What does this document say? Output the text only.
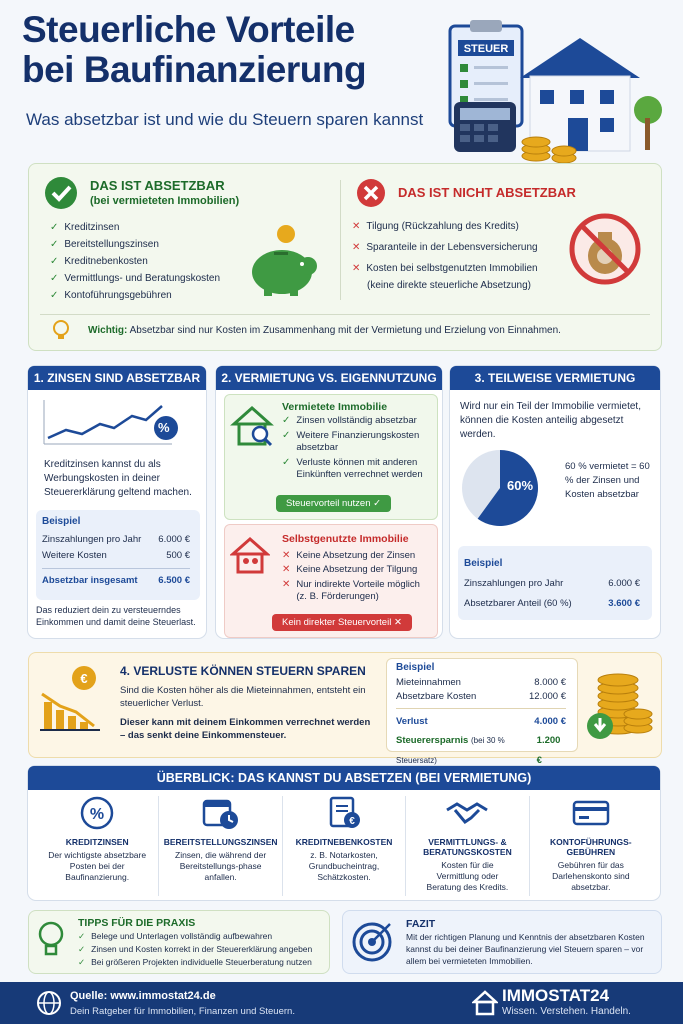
Steuerliche Vorteile
bei Baufinanzierung
Was absetzbar ist und wie du Steuern sparen kannst
STEUER
DAS IST ABSETZBAR
(bei vermieteten Immobilien)
✓ Kreditzinsen
✓ Bereitstellungszinsen
✓ Kreditnebenkosten
✓ Vermittlungs- und Beratungskosten
✓ Kontoführungsgebühren
DAS IST NICHT ABSETZBAR
✕ Tilgung (Rückzahlung des Kredits)
✕ Sparanteile in der Lebensversicherung
✕ Kosten bei selbstgenutzten Immobilien
(keine direkte steuerliche Absetzung)
Wichtig: Absetzbar sind nur Kosten im Zusammenhang mit der Vermietung und Erzielung von Einnahmen.
1. ZINSEN SIND ABSETZBAR
%
Kreditzinsen kannst du als Werbungskosten in deiner Steuererklärung geltend machen.
Beispiel
Zinszahlungen pro Jahr 6.000 €
Weitere Kosten	500 €
Absetzbar insgesamt 6.500 €
Das reduziert dein zu versteuerndes Einkommen und damit deine Steuerlast.
2. VERMIETUNG VS. EIGENNUTZUNG
Vermietete Immobilie
✓ Zinsen vollständig absetzbar
✓ Weitere Finanzierungskosten absetzbar
✓ Verluste können mit anderen Einkünften verrechnet werden
Steuervorteil nutzen ✓
Selbstgenutzte Immobilie
✕ Keine Absetzung der Zinsen
✕ Keine Absetzung der Tilgung
✕ Nur indirekte Vorteile möglich (z. B. Förderungen)
Kein direkter Steuervorteil ✕
3. TEILWEISE VERMIETUNG
Wird nur ein Teil der Immobilie vermietet, können die Kosten anteilig abgesetzt werden.
60%
60 % vermietet = 60 % der Zinsen und Kosten absetzbar
Beispiel
Zinszahlungen pro Jahr	6.000 €
Absetzbarer Anteil (60 %)	3.600 €
€	4. VERLUSTE KÖNNEN STEUERN SPAREN
Sind die Kosten höher als die Mieteinnahmen, entsteht ein steuerlicher Verlust.
Dieser kann mit deinem Einkommen verrechnet werden – das senkt deine Einkommensteuer.
Beispiel
Mieteinnahmen	8.000 €
Absetzbare Kosten	12.000 €
Verlust	4.000 €
Steuerersparnis (bei 30 % Steuersatz)
1.200 €
ÜBERBLICK: DAS KANNST DU ABSETZEN (BEI VERMIETUNG)
%
KREDITZINSEN
Der wichtigste absetzbare Posten bei der Baufinanzierung.
BEREITSTELLUNGSZINSEN
Zinsen, die während der Bereitstellungs-phase anfallen.
€
KREDITNEBENKOSTEN
z. B. Notarkosten, Grundbucheintrag, Schätzkosten.
VERMITTLUNGS- & BERATUNGSKOSTEN
Kosten für die Vermittlung oder Beratung des Kredits.
KONTOFÜHRUNGS-GEBÜHREN
Gebühren für das Darlehenskonto sind absetzbar.
TIPPS FÜR DIE PRAXIS
✓ Belege und Unterlagen vollständig aufbewahren
✓ Zinsen und Kosten korrekt in der Steuererklärung angeben
✓ Bei größeren Projekten individuelle Steuerberatung nutzen
FAZIT
Mit der richtigen Planung und Kenntnis der absetzbaren Kosten kannst du bei deiner Baufinanzierung viel Steuern sparen – vor allem bei vermieteten Immobilien.
Quelle: www.immostat24.de
Dein Ratgeber für Immobilien, Finanzen und Steuern.
IMMOSTAT24
Wissen. Verstehen. Handeln.
